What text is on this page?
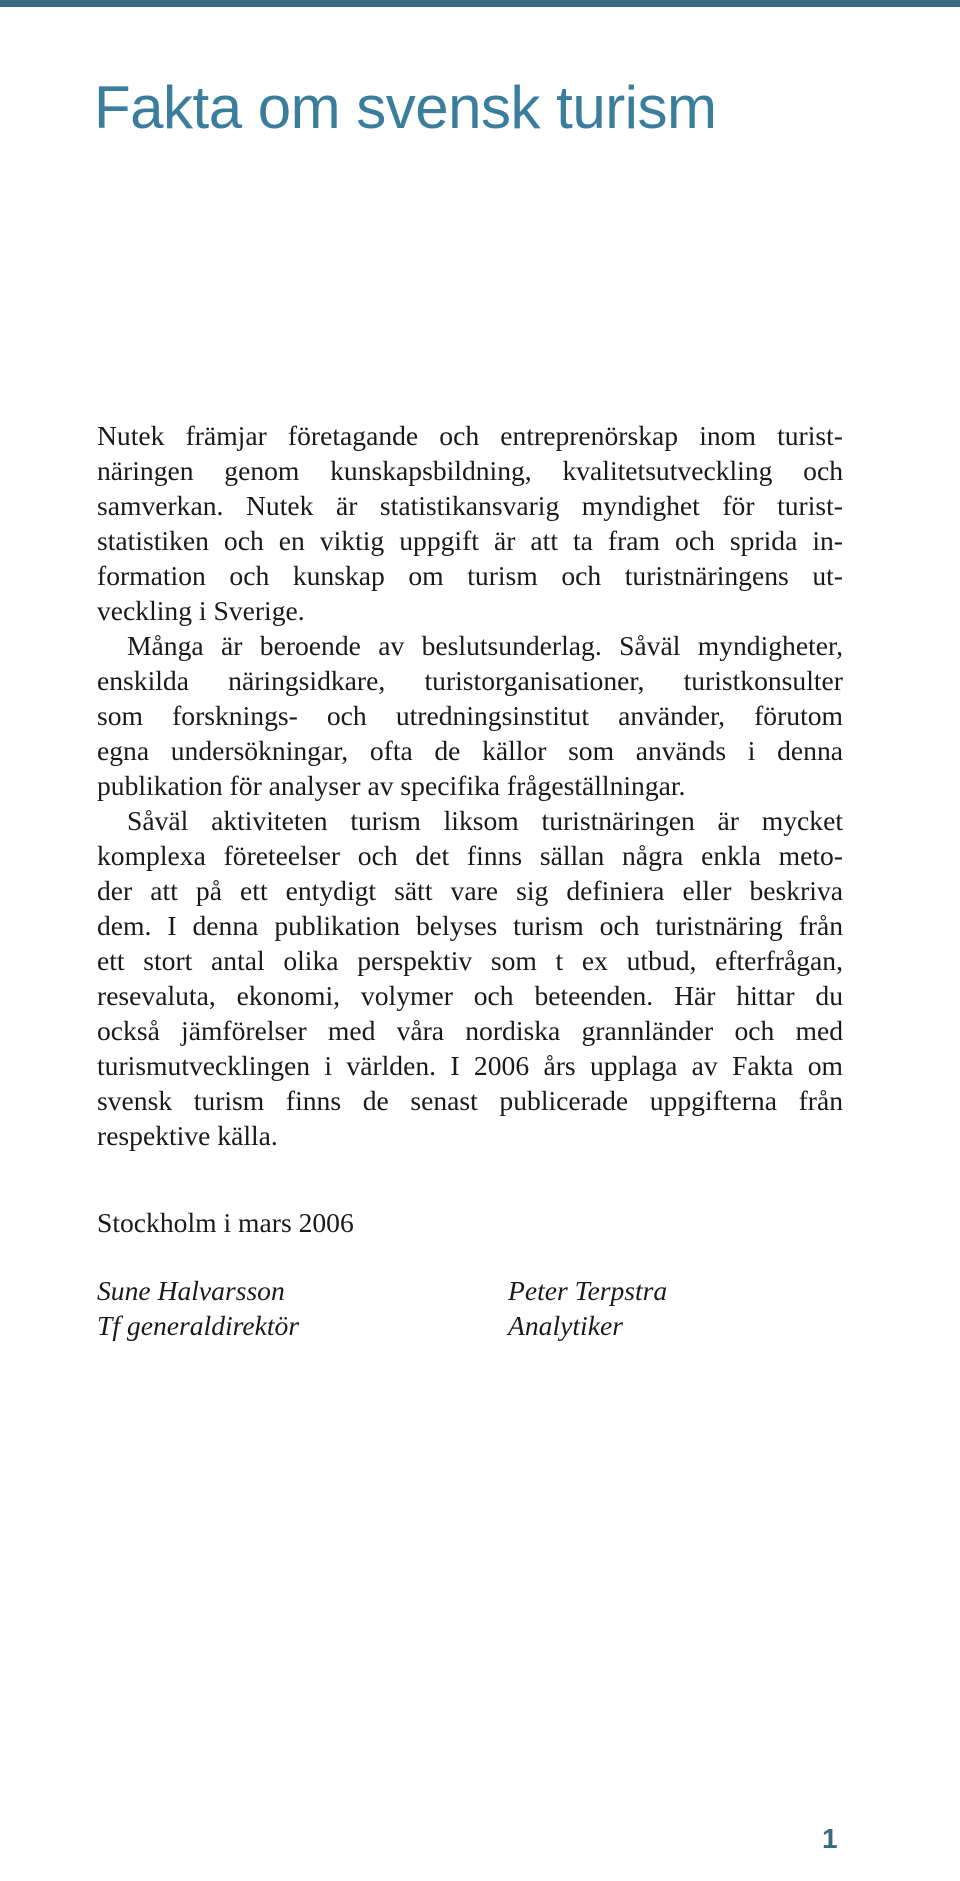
Fakta om svensk turism

Nutek främjar företagande och entreprenörskap inom turist-
näringen genom kunskapsbildning, kvalitetsutveckling och
samverkan. Nutek är statistikansvarig myndighet för turist-
statistiken och en viktig uppgift är att ta fram och sprida in-
formation och kunskap om turism och turistnäringens ut-
veckling i Sverige.

Många är beroende av beslutsunderlag. Såväl myndigheter,

enskilda näringsidkare, turistorganisationer, turistkonsulter
som forsknings- och utredningsinstitut använder, förutom
egna undersökningar, ofta de källor som används i denna
publikation för analyser av specifika frågeställningar.

Såväl aktiviteten turism liksom turistnäringen är mycket

komplexa företeelser och det finns sällan några enkla meto-
der att på ett entydigt sätt vare sig definiera eller beskriva
dem. I denna publikation belyses turism och turistnäring från
ett stort antal olika perspektiv som t ex utbud, efterfrågan,
resevaluta, ekonomi, volymer och beteenden. Här hittar du
också jämförelser med våra nordiska grannländer och med
turismutvecklingen i världen. I 2006 års upplaga av Fakta om
svensk turism finns de senast publicerade uppgifterna från
respektive källa.

Stockholm i mars 2006

Sune Halvarsson
Tf generaldirektör
Peter Terpstra
Analytiker
1
